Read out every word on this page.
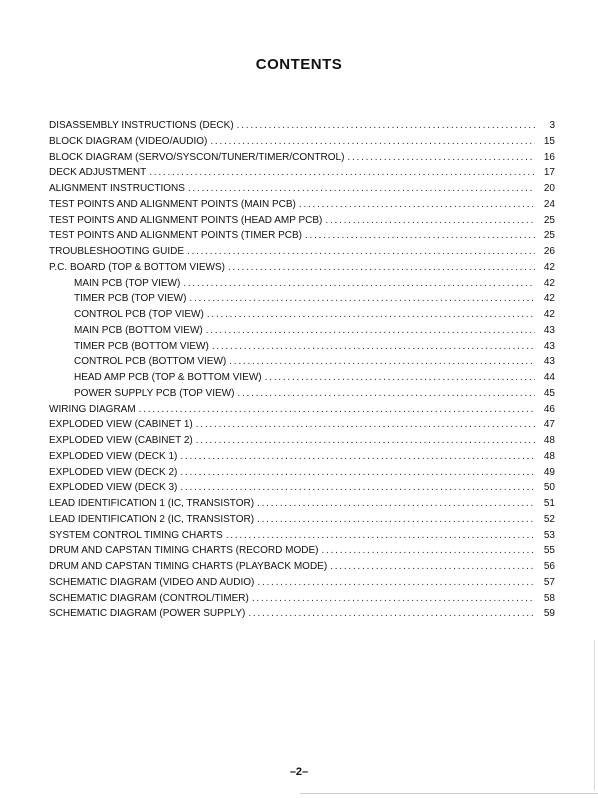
CONTENTS
DISASSEMBLY INSTRUCTIONS (DECK) . . .	3
BLOCK DIAGRAM (VIDEO/AUDIO) . . .	15
BLOCK DIAGRAM (SERVO/SYSCON/TUNER/TIMER/CONTROL) . . .	16
DECK ADJUSTMENT . . .	17
ALIGNMENT INSTRUCTIONS . . .	20
TEST POINTS AND ALIGNMENT POINTS (MAIN PCB) . . .	24
TEST POINTS AND ALIGNMENT POINTS (HEAD AMP PCB) . . .	25
TEST POINTS AND ALIGNMENT POINTS (TIMER PCB) . . .	25
TROUBLESHOOTING GUIDE . . .	26
P.C. BOARD (TOP & BOTTOM VIEWS) . . .	42
MAIN PCB (TOP VIEW) . . .	42
TIMER PCB (TOP VIEW) . . .	42
CONTROL PCB (TOP VIEW) . . .	42
MAIN PCB (BOTTOM VIEW) . . .	43
TIMER PCB (BOTTOM VIEW) . . .	43
CONTROL PCB (BOTTOM VIEW) . . .	43
HEAD AMP PCB (TOP & BOTTOM VIEW) . . .	44
POWER SUPPLY PCB (TOP VIEW) . . .	45
WIRING DIAGRAM . . .	46
EXPLODED VIEW (CABINET 1) . . .	47
EXPLODED VIEW (CABINET 2) . . .	48
EXPLODED VIEW (DECK 1) . . .	48
EXPLODED VIEW (DECK 2) . . .	49
EXPLODED VIEW (DECK 3) . . .	50
LEAD IDENTIFICATION 1 (IC, TRANSISTOR) . . .	51
LEAD IDENTIFICATION 2 (IC, TRANSISTOR) . . .	52
SYSTEM CONTROL TIMING CHARTS . . .	53
DRUM AND CAPSTAN TIMING CHARTS (RECORD MODE) . . .	55
DRUM AND CAPSTAN TIMING CHARTS (PLAYBACK MODE) . . .	56
SCHEMATIC DIAGRAM (VIDEO AND AUDIO) . . .	57
SCHEMATIC DIAGRAM (CONTROL/TIMER) . . .	58
SCHEMATIC DIAGRAM (POWER SUPPLY) . . .	59
–2–
